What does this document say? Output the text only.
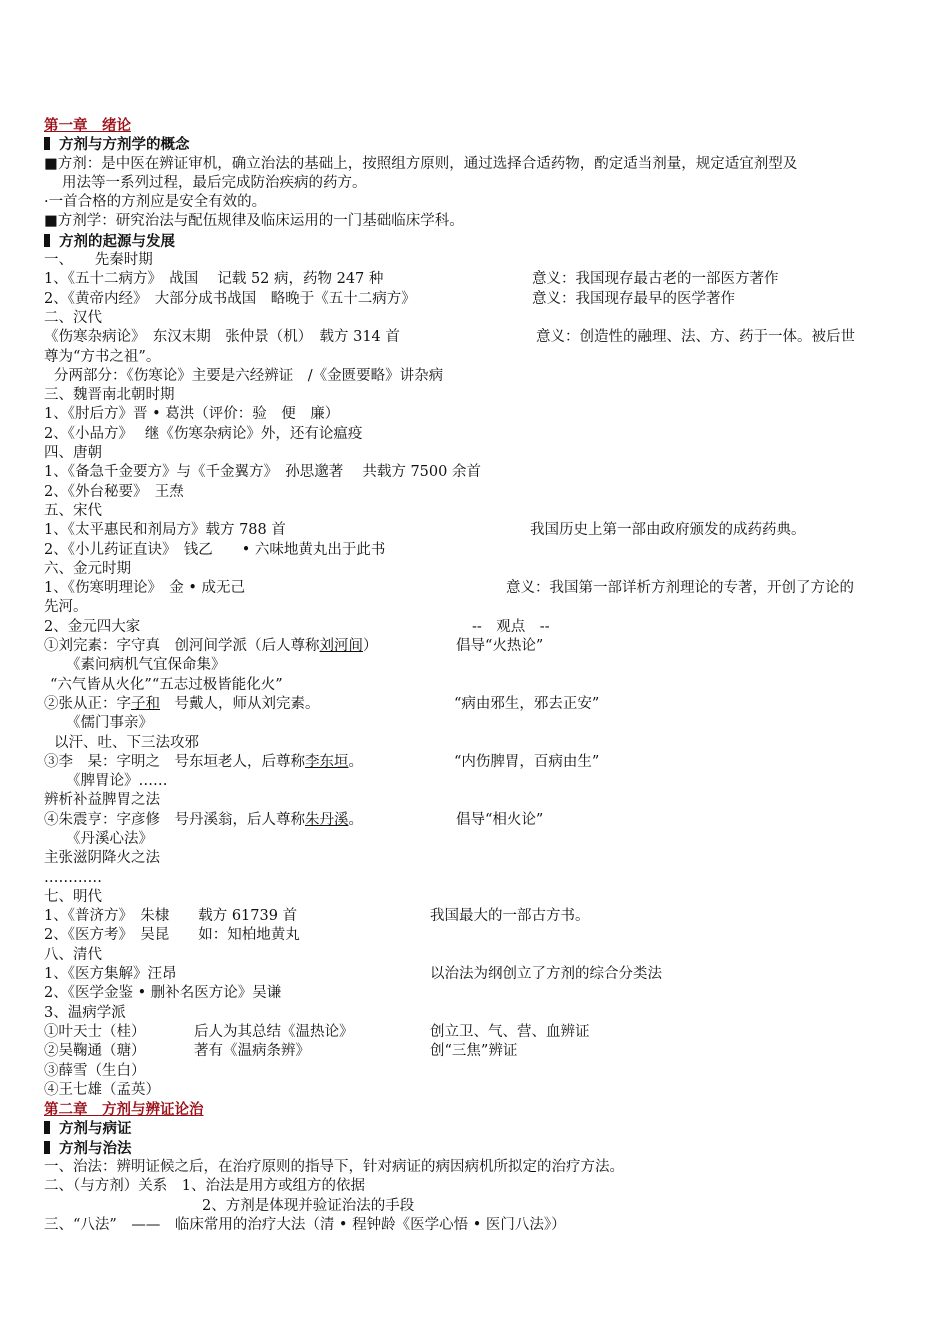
第一章　绪论
方剂与方剂学的概念
■方剂：是中医在辨证审机，确立治法的基础上，按照组方原则，通过选择合适药物，酌定适当剂量，规定适宜剂型及
用法等一系列过程，最后完成防治疾病的药方。
·一首合格的方剂应是安全有效的。
■方剂学：研究治法与配伍规律及临床运用的一门基础临床学科。
方剂的起源与发展
一、　　先秦时期
1、《五十二病方》　战国　 记载 52 病，药物 247 种	意义：我国现存最古老的一部医方著作
2、《黄帝内经》　大部分成书战国　略晚于《五十二病方》	意义：我国现存最早的医学著作
二、汉代
《伤寒杂病论》　东汉末期　张仲景（机）　载方 314 首	意义：创造性的融理、法、方、药于一体。被后世
尊为“方书之祖”。
分两部分：《伤寒论》主要是六经辨证　/《金匮要略》讲杂病
三、魏晋南北朝时期
1、《肘后方》晋 • 葛洪（评价：验　便　廉）
2、《小品方》　 继《伤寒杂病论》外，还有论瘟疫
四、唐朝
1、《备急千金要方》与《千金翼方》　孙思邈著　 共载方 7500 余首
2、《外台秘要》　王焘
五、宋代
1、《太平惠民和剂局方》载方 788 首	我国历史上第一部由政府颁发的成药药典。
2、《小儿药证直诀》　钱乙　　• 六味地黄丸出于此书
六、金元时期
1、《伤寒明理论》　金 • 成无己	意义：我国第一部详析方剂理论的专著，开创了方论的
先河。
2、金元四大家	--　观点　--
①刘完素：字守真　创河间学派（后人尊称刘河间）	倡导“火热论”
《素问病机气宜保命集》
“六气皆从火化”“五志过极皆能化火”
②张从正：字子和　号戴人，师从刘完素。	“病由邪生，邪去正安”
《儒门事亲》
以汗、吐、下三法攻邪
③李　杲：字明之　号东垣老人，后尊称李东垣。	“内伤脾胃，百病由生”
《脾胃论》……
辨析补益脾胃之法
④朱震亨：字彦修　号丹溪翁，后人尊称朱丹溪。	倡导“相火论”
《丹溪心法》
主张滋阴降火之法
…………
七、明代
1、《普济方》　朱棣　　载方 61739 首	我国最大的一部古方书。
2、《医方考》　吴昆　　如：知柏地黄丸
八、清代
1、《医方集解》汪昂	以治法为纲创立了方剂的综合分类法
2、《医学金鉴 • 删补名医方论》吴谦
3、温病学派
①叶天士（桂）	后人为其总结《温热论》	创立卫、气、营、血辨证
②吴鞠通（瑭）	著有《温病条辨》	创“三焦”辨证
③薛雪（生白）
④王七雄（孟英）
第二章　方剂与辨证论治
方剂与病证
方剂与治法
一、治法：辨明证候之后，在治疗原则的指导下，针对病证的病因病机所拟定的治疗方法。
二、（与方剂）关系　1、治法是用方或组方的依据
2、方剂是体现并验证治法的手段
三、“八法”　——　临床常用的治疗大法（清 • 程钟龄《医学心悟 • 医门八法》）
